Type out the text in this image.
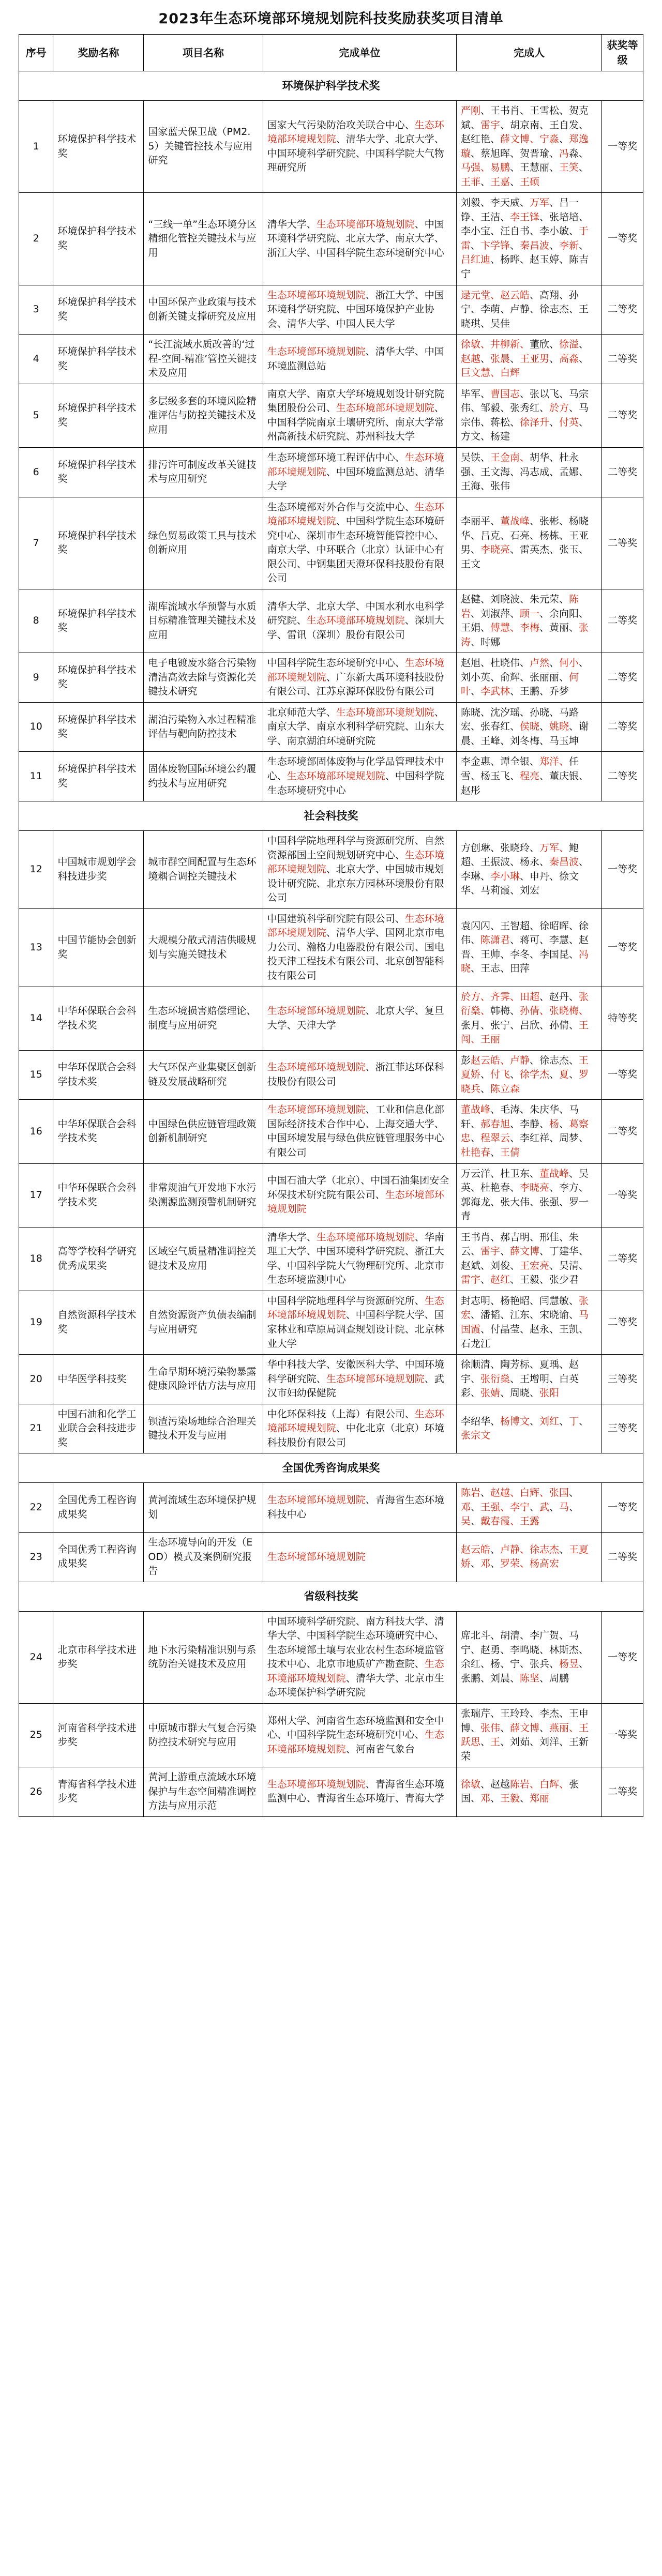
2023年生态环境部环境规划院科技奖励获奖项目清单
序号	奖励名称	项目名称	完成单位	完成人	获奖等级
环境保护科学技术奖					
1	环境保护科学技术奖	国家蓝天保卫战（PM2.5）关键管控技术与应用研究	国家大气污染防治攻关联合中心、生态环境部环境规划院、清华大学、北京大学、中国环境科学研究院、中国科学院大气物理研究所	严刚、王书肖、王雪松、贺克斌、雷宇、胡京南、王自发、赵红艳、薛文博、宁淼、郑逸璇、蔡旭晖、贺晋瑜、冯淼、马强、易鹏、王慧丽、王笑、王菲、王嘉、王硕	一等奖
2	环境保护科学技术奖	“三线一单”生态环境分区精细化管控关键技术与应用	清华大学、生态环境部环境规划院、中国环境科学研究院、北京大学、南京大学、浙江大学、中国科学院生态环境研究中心	刘毅、李天威、万军、吕一铮、王洁、李王锋、张培培、李小宝、汪自书、李小敏、于雷、卞学锋、秦昌波、李新、吕红迪、杨晔、赵玉婷、陈吉宁	一等奖
3	环境保护科学技术奖	中国环保产业政策与技术创新关键支撑研究及应用	生态环境部环境规划院、浙江大学、中国环境科学研究院、中国环境保护产业协会、清华大学、中国人民大学	逯元堂、赵云皓、高翔、孙宁、李萌、卢静、徐志杰、王晓琪、吴佳	二等奖
4	环境保护科学技术奖	“长江流域水质改善的‘过程-空间-精准’管控关键技术及应用	生态环境部环境规划院、清华大学、中国环境监测总站	徐敏、井柳新、董欣、徐溢、赵越、张晨、王亚男、高淼、巨文慧、白辉	二等奖
5	环境保护科学技术奖	多层级多套的环境风险精准评估与防控关键技术及应用	南京大学、南京大学环境规划设计研究院集团股份公司、生态环境部环境规划院、中国科学院南京土壤研究所、南京大学常州高新技术研究院、苏州科技大学	毕军、曹国志、张以飞、马宗伟、邹毅、张秀红、於方、马宗伟、蒋松、徐泽升、付英、方文、杨建	二等奖
6	环境保护科学技术奖	排污许可制度改革关键技术与应用研究	生态环境部环境工程评估中心、生态环境部环境规划院、中国环境监测总站、清华大学	吴铁、王金南、胡华、杜永强、王文海、冯志成、孟娜、王海、张伟	二等奖
7	环境保护科学技术奖	绿色贸易政策工具与技术创新应用	生态环境部对外合作与交流中心、生态环境部环境规划院、中国科学院生态环境研究中心、深圳市生态环境智能管控中心、南京大学、中环联合（北京）认证中心有限公司、中钢集团天澄环保科技股份有限公司	李丽平、董战峰、张彬、杨晓华、吕克、石亮、杨栋、王亚男、李晓亮、雷英杰、张玉、王文	二等奖
8	环境保护科学技术奖	湖库流域水华预警与水质目标精准管理关键技术及应用	清华大学、北京大学、中国水利水电科学研究院、生态环境部环境规划院、深圳大学、雷讯（深圳）股份有限公司	赵健、刘晓波、朱元荣、陈岩、刘淑萍、顾一、余向阳、王娟、傅慧、李梅、黄丽、张涛、时娜	二等奖
9	环境保护科学技术奖	电子电镀废水絡合污染物清洁高效去除与资源化关键技术研究	中国科学院生态环境研究中心、生态环境部环境规划院、广东新大禹环境科技股份有限公司、江苏京源环保股份有限公司	赵旭、杜晓伟、卢然、何小、刘小英、俞辉、张丽丽、何叶、李武林、王鹏、乔梦	二等奖
10	环境保护科学技术奖	湖泊污染物入水过程精准评估与靶向防控技术	北京师范大学、生态环境部环境规划院、南京大学、南京水利科学研究院、山东大学、南京湖泊环境研究院	陈晓、沈汐瑶、孙晓、马路宏、张春红、侯晓、姚晓、谢晨、王峰、刘冬梅、马玉坤	二等奖
11	环境保护科学技术奖	固体废物国际环境公约履约技术与应用研究	生态环境部固体废物与化学品管理技术中心、生态环境部环境规划院、中国科学院生态环境研究中心	李金惠、谭全银、郑洋、任雪、杨玉飞、程亮、董庆银、赵彤	二等奖
社会科技奖					
12	中国城市规划学会科技进步奖	城市群空间配置与生态环境耦合调控关键技术	中国科学院地理科学与资源研究所、自然资源部国土空间规划研究中心、生态环境部环境规划院、北京大学、中国城市规划设计研究院、北京东方园林环境股份有限公司	方创琳、张晓玲、万军、鲍超、王振波、杨永、秦昌波、李琳、李小琳、申丹、徐文华、马莉霞、刘宏	一等奖
13	中国节能协会创新奖	大规模分散式清洁供暖规划与实施关键技术	中国建筑科学研究院有限公司、生态环境部环境规划院、清华大学、国网北京市电力公司、瀚格力电器股份有限公司、国电投天津工程技术有限公司、北京创智能科技有限公司	袁闪闪、王智超、徐昭晖、徐伟、陈潇君、蒋可、李慧、赵晋、王帅、李冬、李国昆、冯晓、王志、田萍	一等奖
14	中华环保联合会科学技术奖	生态环境损害赔偿理论、制度与应用研究	生态环境部环境规划院、北京大学、复旦大学、天津大学	於方、齐霁、田超、赵丹、张衍燊、韩梅、孙倩、张晓梅、张月、张宁、吕欣、孙倩、王闯、王丽	特等奖
15	中华环保联合会科学技术奖	大气环保产业集聚区创新链及发展战略研究	生态环境部环境规划院、浙江菲达环保科技股份有限公司	彭赵云皓、卢静、徐志杰、王夏娇、付飞、徐学杰、夏、罗晓兵、陈立森	一等奖
16	中华环保联合会科学技术奖	中国绿色供应链管理政策创新机制研究	生态环境部环境规划院、工业和信息化部国际经济技术合作中心、上海交通大学、中国环境发展与绿色供应链管理服务中心有限公司	董战峰、毛涛、朱庆华、马轩、郝春旭、李静、杨、葛察忠、程翠云、李红祥、周梦、杜艳春、王倩	二等奖
17	中华环保联合会科学技术奖	非常规油气开发地下水污染溯源监测预警机制研究	中国石油大学（北京）、中国石油集团安全环保技术研究院有限公司、生态环境部环境规划院	万云洋、杜卫东、董战峰、吴英、杜艳春、李晓亮、李方、郭海龙、张大伟、张强、罗一青	一等奖
18	高等学校科学研究优秀成果奖	区域空气质量精准调控关键技术及应用	清华大学、生态环境部环境规划院、华南理工大学、中国环境科学研究院、浙江大学、中国科学院大气物理研究所、北京市生态环境监测中心	王书肖、郝吉明、邢佳、朱云、雷宇、薛文博、丁建华、赵斌、刘俊、王宏亮、吴清、雷宇、赵红、王毅、张少君	二等奖
19	自然资源科学技术奖	自然资源资产负债表编制与应用研究	中国科学院地理科学与资源研究所、生态环境部环境规划院、中国科学院大学、国家林业和草原局调查规划设计院、北京林业大学	封志明、杨艳昭、闫慧敏、张宏、潘韬、江东、宋晓谕、马国霞、付晶莹、赵永、王凯、石龙江	二等奖
20	中华医学科技奖	生命早期环境污染物暴露健康风险评估方法与应用	华中科技大学、安徽医科大学、中国环境科学研究院、生态环境部环境规划院、武汉市妇幼保健院	徐顺清、陶芳标、夏瑀、赵宇、张衍燊、王增明、白英彩、张婧、周晓、张阳	三等奖
21	中国石油和化学工业联合会科技进步奖	钡渣污染场地综合治理关键技术开发与应用	中化环保科技（上海）有限公司、生态环境部环境规划院、中化北京（北京）环境科技股份有限公司	李绍华、杨博文、刘红、丁、张宗文	三等奖
全国优秀咨询成果奖					
22	全国优秀工程咨询成果奖	黄河流域生态环境保护规划	生态环境部环境规划院、青海省生态环境科技中心	陈岩、赵越、白辉、张国、邓、王强、李宁、武、马、吴、戴春霞、王露	一等奖
23	全国优秀工程咨询成果奖	生态环境导向的开发（EOD）模式及案例研究报告	生态环境部环境规划院	赵云皓、卢静、徐志杰、王夏娇、邓、罗荣、杨高宏	二等奖
省级科技奖					
24	北京市科学技术进步奖	地下水污染精准识别与系统防治关键技术及应用	中国环境科学研究院、南方科技大学、清华大学、中国科学院生态环境研究中心、生态环境部土壤与农业农村生态环境监管技术中心、北京市地质矿产勘查院、生态环境部环境规划院、清华大学、北京市生态环境保护科学研究院	席北斗、胡清、李广贺、马宁、赵勇、李鸣晓、林斯杰、余红、杨、宁、张兵、杨昱、张鹏、刘晨、陈坚、周鹏	一等奖
25	河南省科学技术进步奖	中原城市群大气复合污染防控技术研究与应用	郑州大学、河南省生态环境监测和安全中心、中国科学院生态环境研究中心、生态环境部环境规划院、河南省气象台	张瑞芹、王玲玲、李杰、王申博、张伟、薛文博、燕丽、王跃思、王、刘茹、刘洋、王新荣	一等奖
26	青海省科学技术进步奖	黄河上游重点流域水环境保护与生态空间精准调控方法与应用示范	生态环境部环境规划院、青海省生态环境监测中心、青海省生态环境厅、青海大学	徐敏、赵越陈岩、白辉、张国、邓、王毅、郑丽	二等奖
